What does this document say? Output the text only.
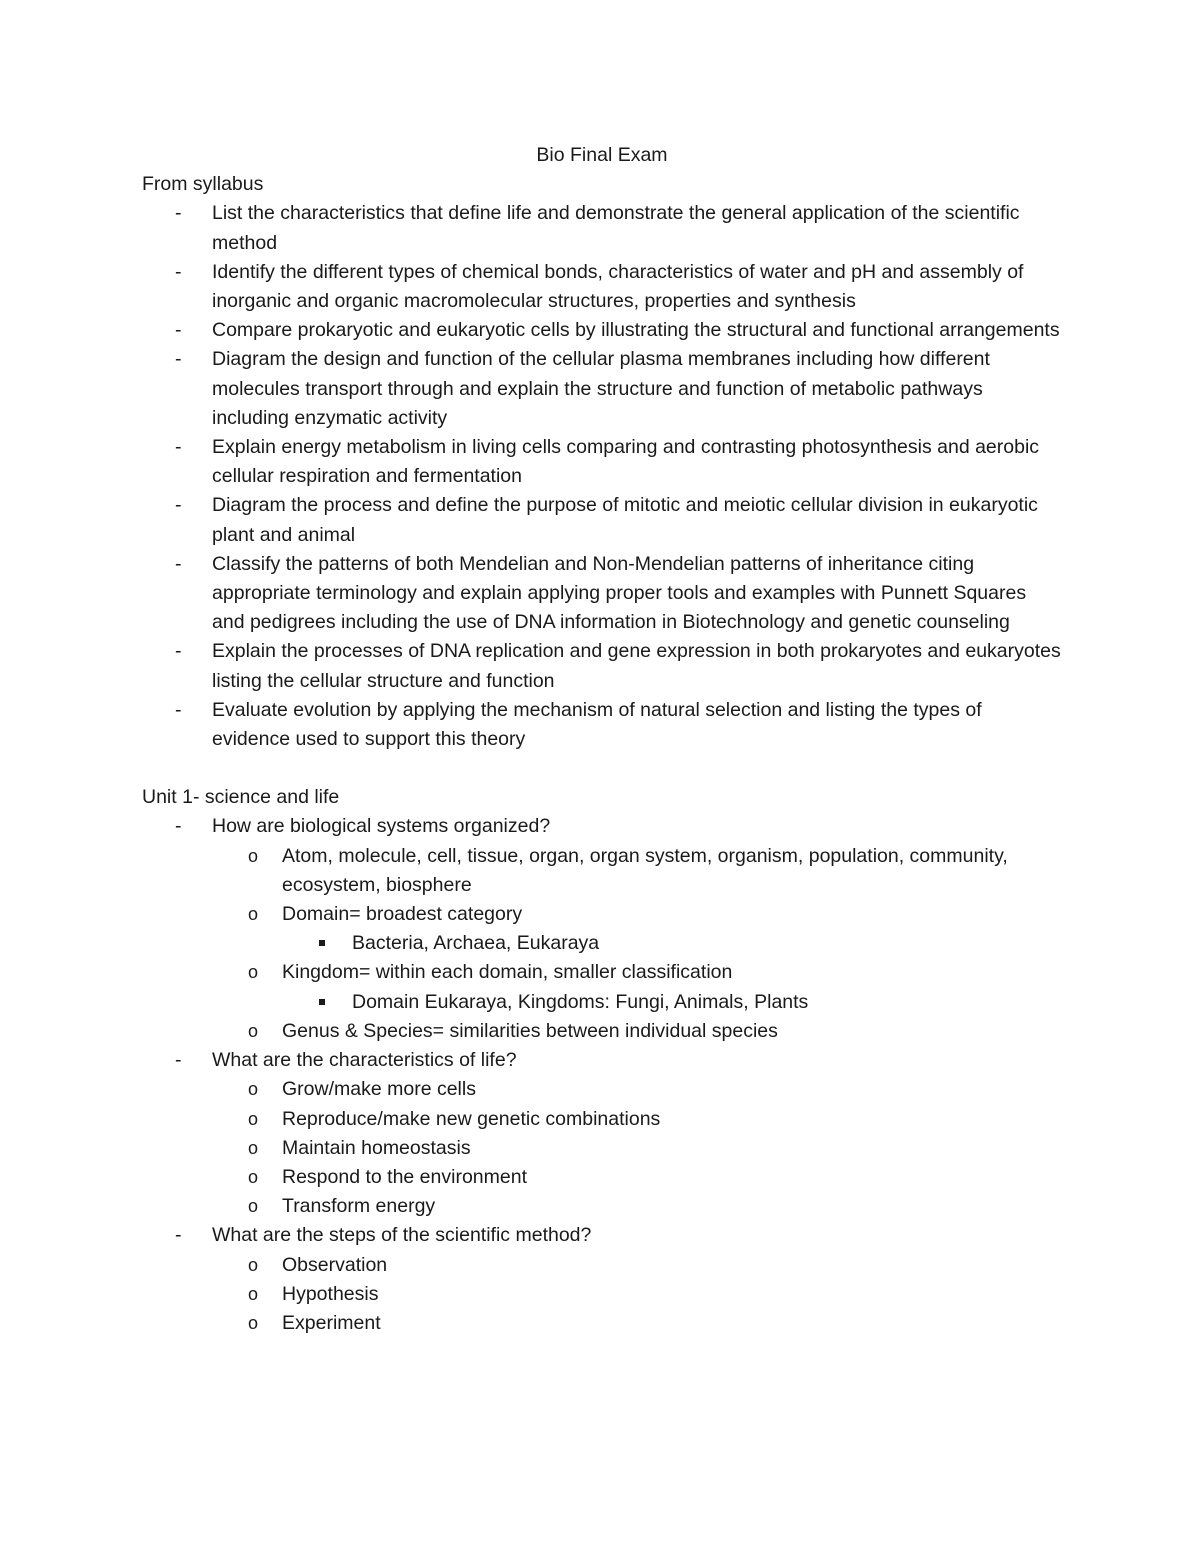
Bio Final Exam

From syllabus

- List the characteristics that define life and demonstrate the general application of the scientific method
- Identify the different types of chemical bonds, characteristics of water and pH and assembly of inorganic and organic macromolecular structures, properties and synthesis
- Compare prokaryotic and eukaryotic cells by illustrating the structural and functional arrangements
- Diagram the design and function of the cellular plasma membranes including how different molecules transport through and explain the structure and function of metabolic pathways including enzymatic activity
- Explain energy metabolism in living cells comparing and contrasting photosynthesis and aerobic cellular respiration and fermentation
- Diagram the process and define the purpose of mitotic and meiotic cellular division in eukaryotic plant and animal
- Classify the patterns of both Mendelian and Non-Mendelian patterns of inheritance citing appropriate terminology and explain applying proper tools and examples with Punnett Squares and pedigrees including the use of DNA information in Biotechnology and genetic counseling
- Explain the processes of DNA replication and gene expression in both prokaryotes and eukaryotes listing the cellular structure and function
- Evaluate evolution by applying the mechanism of natural selection and listing the types of evidence used to support this theory

Unit 1- science and life

- How are biological systems organized?
o Atom, molecule, cell, tissue, organ, organ system, organism, population, community, ecosystem, biosphere
o Domain= broadest category
Bacteria, Archaea, Eukaraya
o Kingdom= within each domain, smaller classification
Domain Eukaraya, Kingdoms: Fungi, Animals, Plants
o Genus & Species= similarities between individual species
- What are the characteristics of life?
o Grow/make more cells
o Reproduce/make new genetic combinations
o Maintain homeostasis
o Respond to the environment
o Transform energy
- What are the steps of the scientific method?
o Observation
o Hypothesis
o Experiment
